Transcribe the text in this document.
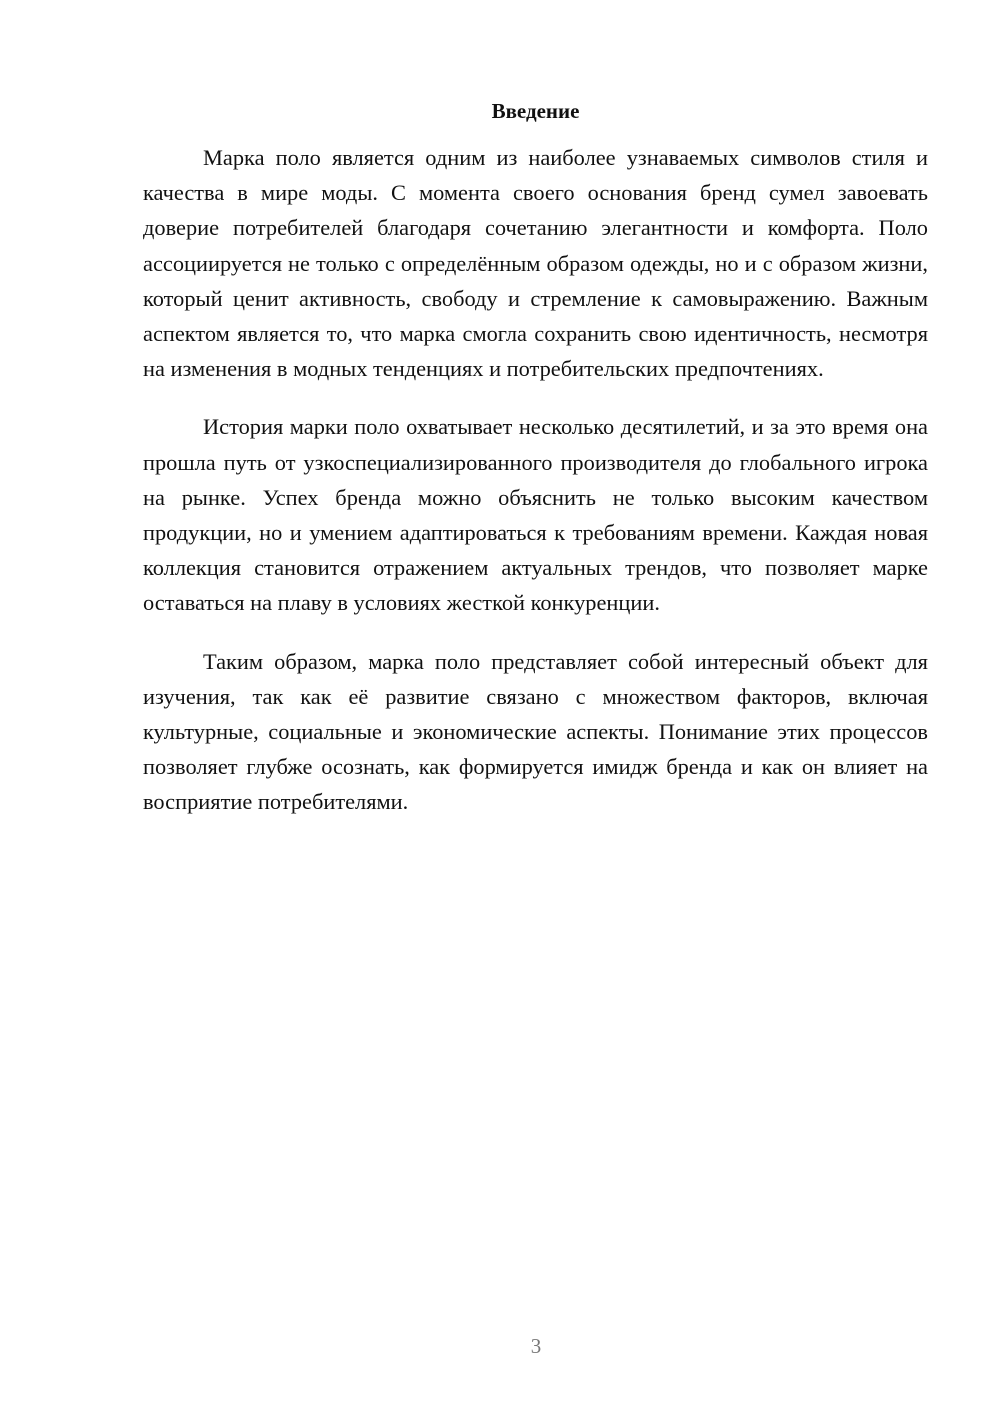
Введение

Марка поло является одним из наиболее узнаваемых символов стиля и качества в мире моды. С момента своего основания бренд сумел завоевать доверие потребителей благодаря сочетанию элегантности и комфорта. Поло ассоциируется не только с определённым образом одежды, но и с образом жизни, который ценит активность, свободу и стремление к самовыражению. Важным аспектом является то, что марка смогла сохранить свою идентичность, несмотря на изменения в модных тенденциях и потребительских предпочтениях.

История марки поло охватывает несколько десятилетий, и за это время она прошла путь от узкоспециализированного производителя до глобального игрока на рынке. Успех бренда можно объяснить не только высоким качеством продукции, но и умением адаптироваться к требованиям времени. Каждая новая коллекция становится отражением актуальных трендов, что позволяет марке оставаться на плаву в условиях жесткой конкуренции.

Таким образом, марка поло представляет собой интересный объект для изучения, так как её развитие связано с множеством факторов, включая культурные, социальные и экономические аспекты. Понимание этих процессов позволяет глубже осознать, как формируется имидж бренда и как он влияет на восприятие потребителями.

3
